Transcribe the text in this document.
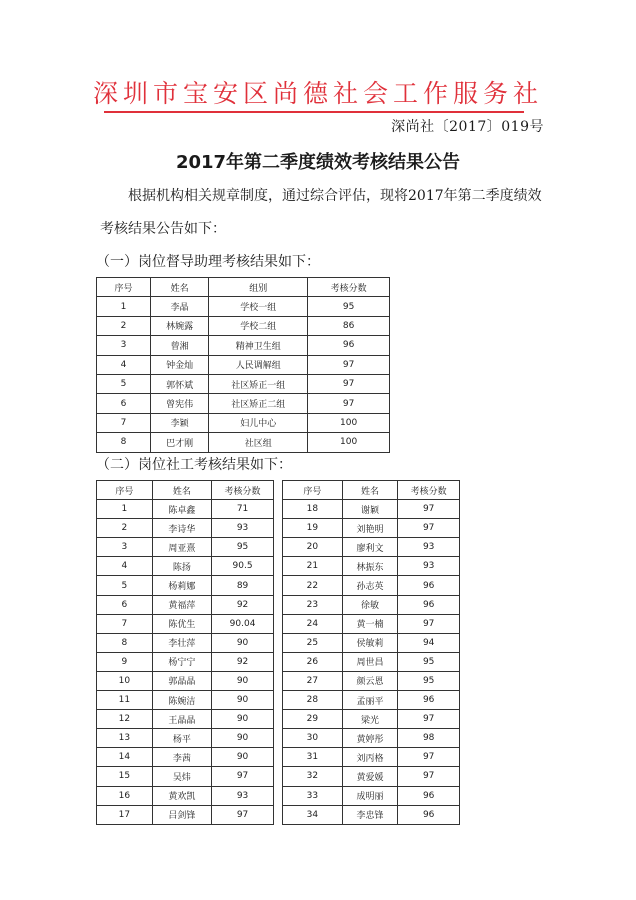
深圳市宝安区尚德社会工作服务社
深尚社〔2017〕019号
2017年第二季度绩效考核结果公告
根据机构相关规章制度，通过综合评估，现将2017年第二季度绩效考核结果公告如下：
（一）岗位督导助理考核结果如下：
序号	姓名	组别	考核分数
1	李晶	学校一组	95
2	林婉露	学校二组	86
3	曾湘	精神卫生组	96
4	钟金灿	人民调解组	97
5	郭怀斌	社区矫正一组	97
6	曾宪伟	社区矫正二组	97
7	李颖	妇儿中心	100
8	巴才刚	社区组	100
（二）岗位社工考核结果如下：
序号	姓名	考核分数
1	陈卓鑫	71
2	李诗华	93
3	周亚熹	95
4	陈扬	90.5
5	杨莉娜	89
6	黄福萍	92
7	陈优生	90.04
8	李壮萍	90
9	杨宁宁	92
10	郭晶晶	90
11	陈婉洁	90
12	王晶晶	90
13	杨平	90
14	李茜	90
15	吴炜	97
16	黄欢凯	93
17	吕剑锋	97
序号	姓名	考核分数
18	谢颖	97
19	刘艳明	97
20	廖利文	93
21	林振东	93
22	孙志英	96
23	徐敏	96
24	黄一楠	97
25	侯敏莉	94
26	周世昌	95
27	颜云恩	95
28	孟丽平	96
29	梁光	97
30	黄婷彤	98
31	刘丙格	97
32	黄爱媛	97
33	成明丽	96
34	李忠锋	96
